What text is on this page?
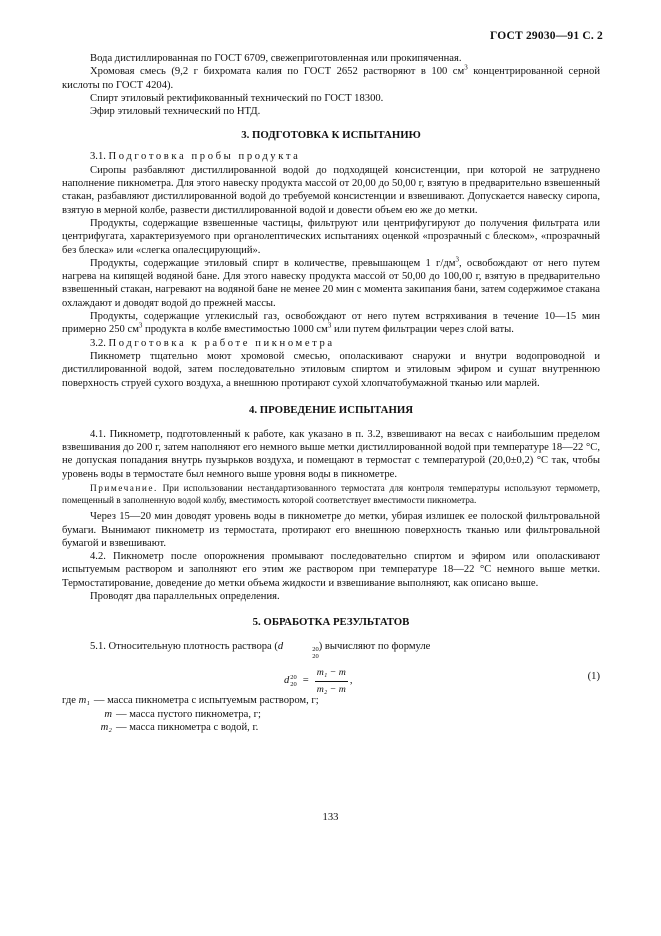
ГОСТ 29030—91 С. 2

Вода дистиллированная по ГОСТ 6709, свежеприготовленная или прокипяченная.

Хромовая смесь (9,2 г бихромата калия по ГОСТ 2652 растворяют в 100 $см^3$ концентрированной серной кислоты по ГОСТ 4204).

Спирт этиловый ректификованный технический по ГОСТ 18300.

Эфир этиловый технический по НТД.

3. ПОДГОТОВКА К ИСПЫТАНИЮ

3.1. Подготовка пробы продукта

Сиропы разбавляют дистиллированной водой до подходящей консистенции, при которой не затруднено наполнение пикнометра. Для этого навеску продукта массой от 20,00 до 50,00 г, взятую в предварительно взвешенный стакан, разбавляют дистиллированной водой до требуемой консистенции и взвешивают. Допускается навеску сиропа, взятую в мерной колбе, развести дистиллированной водой и довести объем ею же до метки.

Продукты, содержащие взвешенные частицы, фильтруют или центрифугируют до получения фильтрата или центрифугата, характеризуемого при органолептических испытаниях оценкой «прозрачный с блеском», «прозрачный без блеска» или «слегка опалесцирующий».

Продукты, содержащие этиловый спирт в количестве, превышающем 1 $г/дм^3$, освобождают от него путем нагрева на кипящей водяной бане. Для этого навеску продукта массой от 50,00 до 100,00 г, взятую в предварительно взвешенный стакан, нагревают на водяной бане не менее 20 мин с момента закипания бани, затем содержимое стакана охлаждают и доводят водой до прежней массы.

Продукты, содержащие углекислый газ, освобождают от него путем встряхивания в течение 10—15 мин примерно 250 $см^3$ продукта в колбе вместимостью 1000 $см^3$ или путем фильтрации через слой ваты.

3.2. Подготовка к работе пикнометра

Пикнометр тщательно моют хромовой смесью, ополаскивают снаружи и внутри водопроводной и дистиллированной водой, затем последовательно этиловым спиртом и этиловым эфиром и сушат внутреннюю поверхность струей сухого воздуха, а внешнюю протирают сухой хлопчатобумажной тканью или марлей.

4. ПРОВЕДЕНИЕ ИСПЫТАНИЯ

4.1. Пикнометр, подготовленный к работе, как указано в п. 3.2, взвешивают на весах с наибольшим пределом взвешивания до 200 г, затем наполняют его немного выше метки дистиллированной водой при температуре 18—22 °С, не допуская попадания внутрь пузырьков воздуха, и помещают в термостат с температурой (20,0±0,2) °С так, чтобы уровень воды в термостате был немного выше уровня воды в пикнометре.

Примечание. При использовании нестандартизованного термостата для контроля температуры используют термометр, помещенный в заполненную водой колбу, вместимость которой соответствует вместимости пикнометра.

Через 15—20 мин доводят уровень воды в пикнометре до метки, убирая излишек ее полоской фильтровальной бумаги. Вынимают пикнометр из термостата, протирают его внешнюю поверхность тканью или фильтровальной бумагой и взвешивают.

4.2. Пикнометр после опорожнения промывают последовательно спиртом и эфиром или ополаскивают испытуемым раствором и заполняют его этим же раствором при температуре 18—22 °С немного выше метки. Термостатирование, доведение до метки объема жидкости и взвешивание выполняют, как описано выше.

Проводят два параллельных определения.

5. ОБРАБОТКА РЕЗУЛЬТАТОВ

5.1. Относительную плотность раствора (d	20
20
) вычисляют по формуле

d 20
$20 = \frac{\text{m₁ − m}}{\text{m₂ − m}}$ ,	(1)
где
m₁ — масса пикнометра с испытуемым раствором, г;
m — масса пустого пикнометра, г;
m₂ — масса пикнометра с водой, г.
133
